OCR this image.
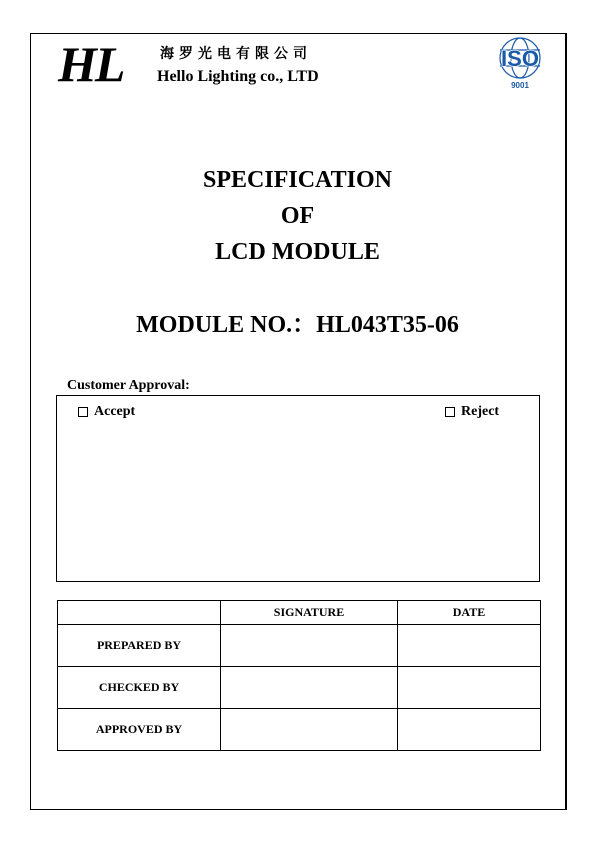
HL	海罗光电有限公司
Hello Lighting co., LTD
ISO
9001
SPECIFICATION
OF
LCD MODULE
MODULE NO.：HL043T35-06
Customer Approval:
Accept	Reject
	SIGNATURE	DATE
PREPARED BY		
CHECKED BY		
APPROVED BY		
